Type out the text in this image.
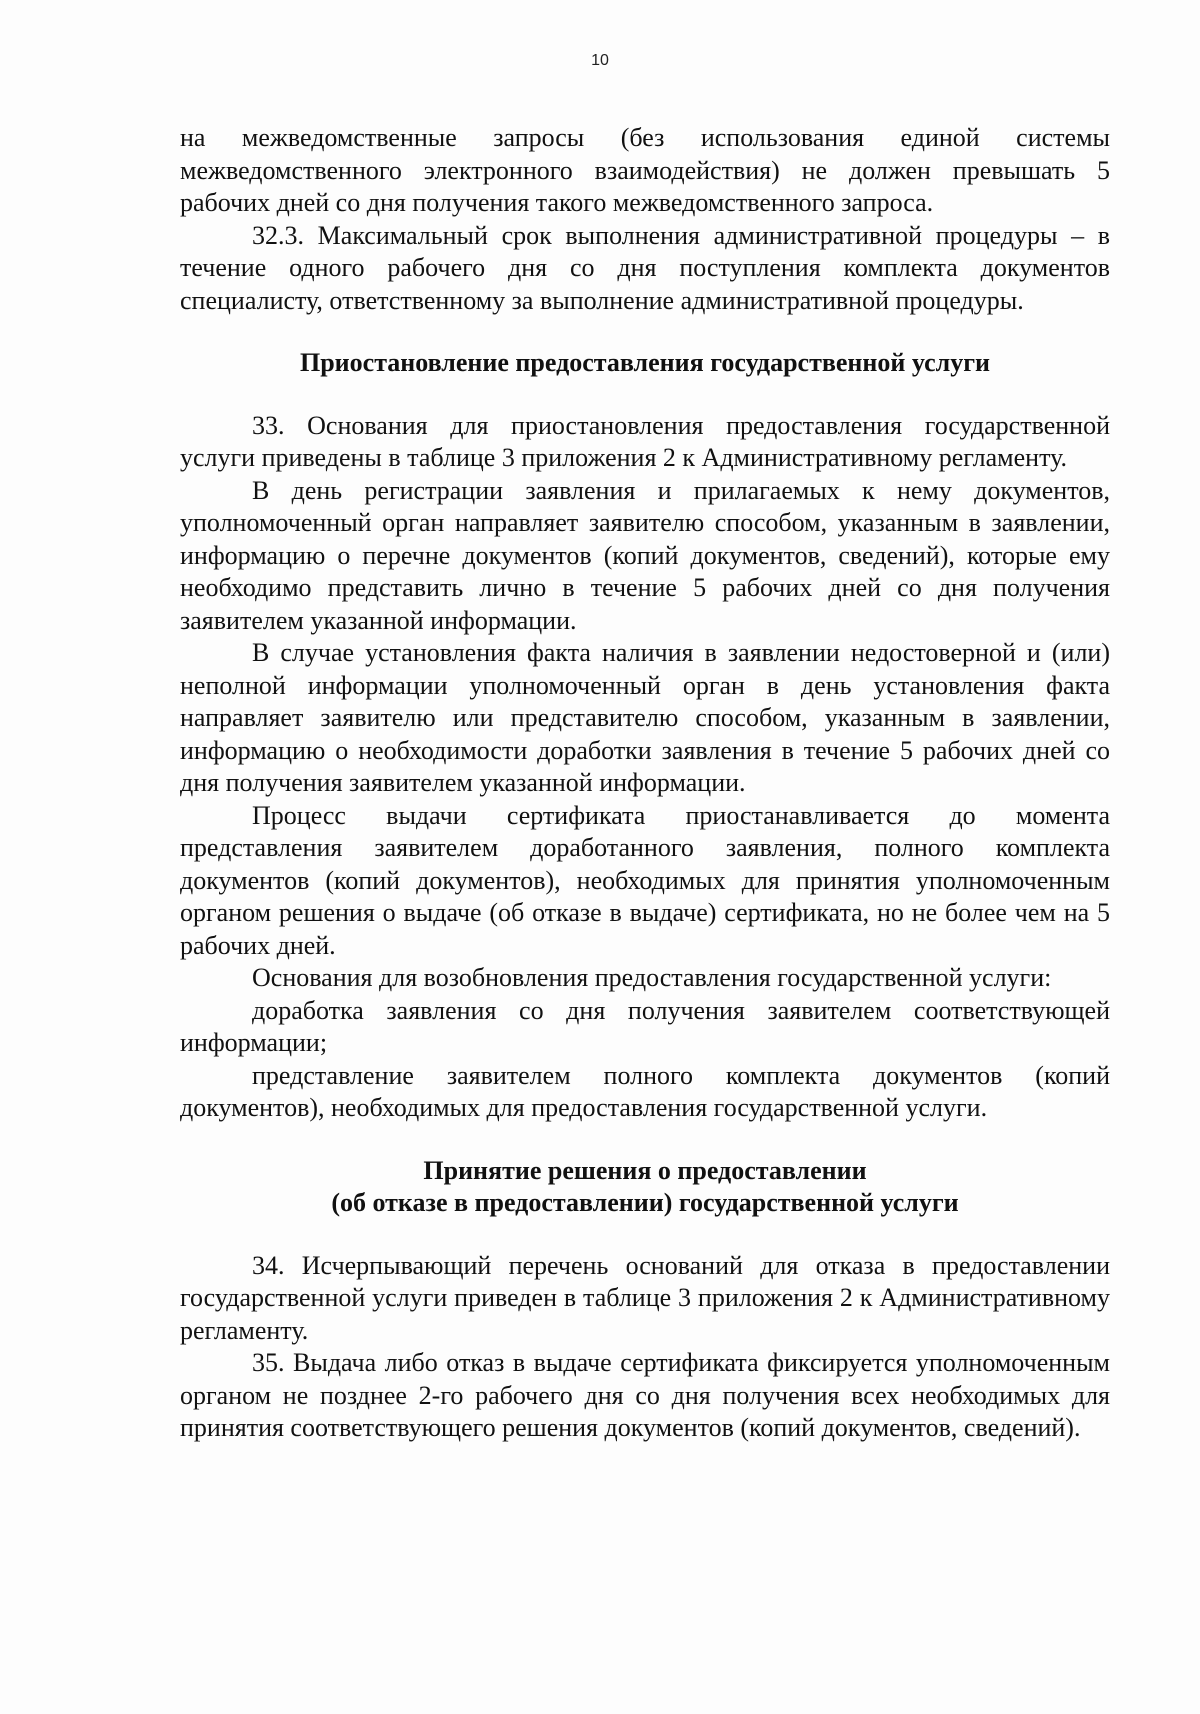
10

на межведомственные запросы (без использования единой системы межведомственного электронного взаимодействия) не должен превышать 5 рабочих дней со дня получения такого межведомственного запроса.

32.3. Максимальный срок выполнения административной процедуры – в течение одного рабочего дня со дня поступления комплекта документов специалисту, ответственному за выполнение административной процедуры.

Приостановление предоставления государственной услуги

33. Основания для приостановления предоставления государственной услуги приведены в таблице 3 приложения 2 к Административному регламенту.

В день регистрации заявления и прилагаемых к нему документов, уполномоченный орган направляет заявителю способом, указанным в заявлении, информацию о перечне документов (копий документов, сведений), которые ему необходимо представить лично в течение 5 рабочих дней со дня получения заявителем указанной информации.

В случае установления факта наличия в заявлении недостоверной и (или) неполной информации уполномоченный орган в день установления факта направляет заявителю или представителю способом, указанным в заявлении, информацию о необходимости доработки заявления в течение 5 рабочих дней со дня получения заявителем указанной информации.

Процесс выдачи сертификата приостанавливается до момента представления заявителем доработанного заявления, полного комплекта документов (копий документов), необходимых для принятия уполномоченным органом решения о выдаче (об отказе в выдаче) сертификата, но не более чем на 5 рабочих дней.

Основания для возобновления предоставления государственной услуги:

доработка заявления со дня получения заявителем соответствующей информации;

представление заявителем полного комплекта документов (копий документов), необходимых для предоставления государственной услуги.

Принятие решения о предоставлении
(об отказе в предоставлении) государственной услуги

34. Исчерпывающий перечень оснований для отказа в предоставлении государственной услуги приведен в таблице 3 приложения 2 к Административному регламенту.

35. Выдача либо отказ в выдаче сертификата фиксируется уполномоченным органом не позднее 2-го рабочего дня со дня получения всех необходимых для принятия соответствующего решения документов (копий документов, сведений).
